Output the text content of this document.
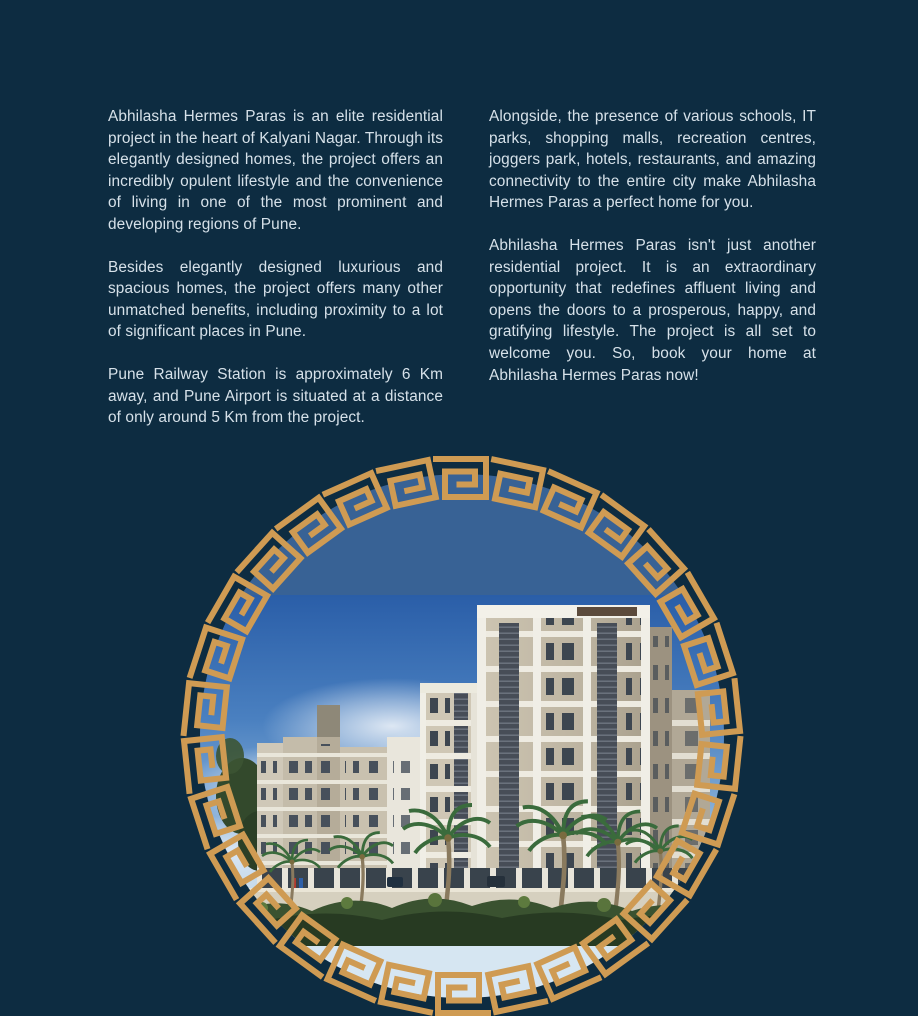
Abhilasha Hermes Paras is an elite residential project in the heart of Kalyani Nagar. Through its elegantly designed homes, the project offers an incredibly opulent lifestyle and the convenience of living in one of the most prominent and developing regions of Pune.

Besides elegantly designed luxurious and spacious homes, the project offers many other unmatched benefits, including proximity to a lot of significant places in Pune.

Pune Railway Station is approximately 6 Km away, and Pune Airport is situated at a distance of only around 5 Km from the project.

Alongside, the presence of various schools, IT parks, shopping malls, recreation centres, joggers park, hotels, restaurants, and amazing connectivity to the entire city make Abhilasha Hermes Paras a perfect home for you.

Abhilasha Hermes Paras isn't just another residential project. It is an extraordinary opportunity that redefines affluent living and opens the doors to a prosperous, happy, and gratifying lifestyle. The project is all set to welcome you. So, book your home at Abhilasha Hermes Paras now!
